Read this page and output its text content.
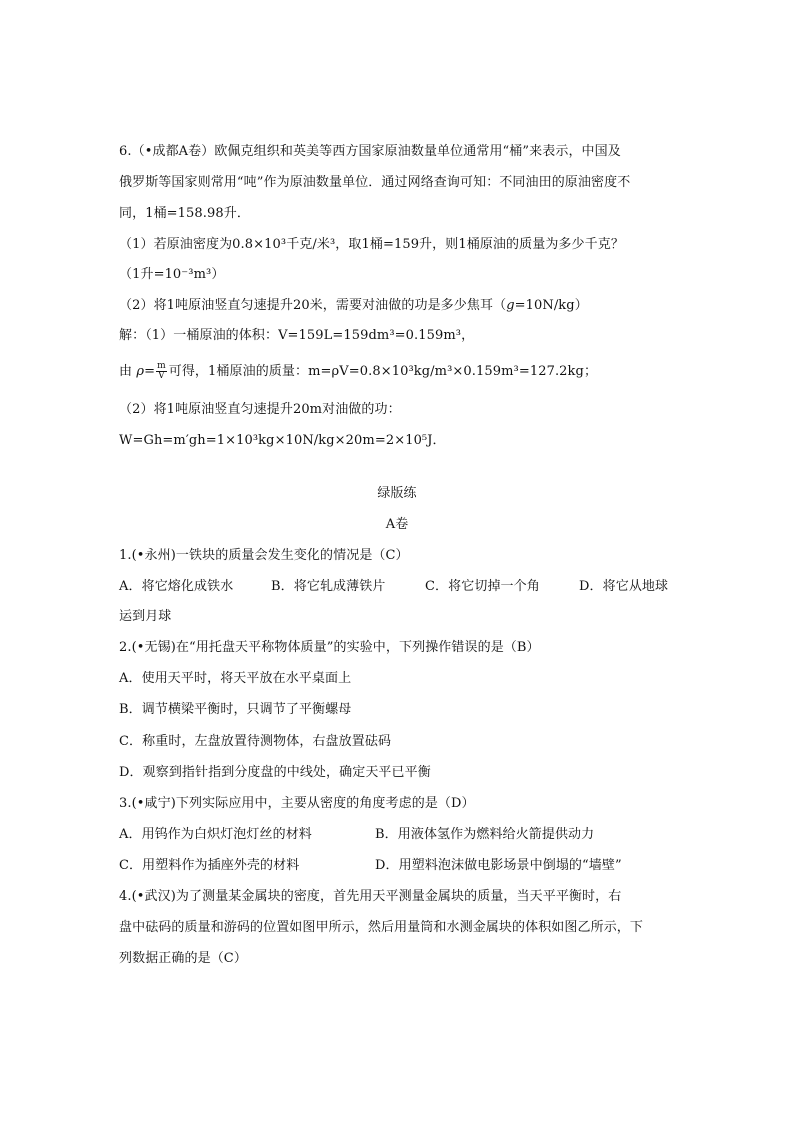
6.（•成都A卷）欧佩克组织和英美等西方国家原油数量单位通常用“桶”来表示，中国及
俄罗斯等国家则常用“吨”作为原油数量单位．通过网络查询可知：不同油田的原油密度不
同，1桶=158.98升．
（1）若原油密度为0.8×10³千克/米³，取1桶=159升，则1桶原油的质量为多少千克？
（1升=10⁻³m³）
（2）将1吨原油竖直匀速提升20米，需要对油做的功是多少焦耳（g=10N/kg）
解：（1）一桶原油的体积：V=159L=159dm³=0.159m³，
由 $\rho= \frac{m}{V}$ 可得，1桶原油的质量：m=ρV=0.8×10³kg/m³×0.159m³=127.2kg；
（2）将1吨原油竖直匀速提升20m对油做的功：
W=Gh=m′gh=1×10³kg×10N/kg×20m=2×10⁵J．
绿版练
A卷
1.(•永州)一铁块的质量会发生变化的情况是（C）
A．将它熔化成铁水	B．将它轧成薄铁片	C．将它切掉一个角	D．将它从地球
运到月球
2.(•无锡)在“用托盘天平称物体质量”的实验中，下列操作错误的是（B）
A．使用天平时，将天平放在水平桌面上
B．调节横梁平衡时，只调节了平衡螺母
C．称重时，左盘放置待测物体，右盘放置砝码
D．观察到指针指到分度盘的中线处，确定天平已平衡
3.(•咸宁)下列实际应用中，主要从密度的角度考虑的是（D）
A．用钨作为白炽灯泡灯丝的材料	B．用液体氢作为燃料给火箭提供动力
C．用塑料作为插座外壳的材料	D．用塑料泡沫做电影场景中倒塌的“墙壁”
4.(•武汉)为了测量某金属块的密度，首先用天平测量金属块的质量，当天平平衡时，右
盘中砝码的质量和游码的位置如图甲所示，然后用量筒和水测金属块的体积如图乙所示，下
列数据正确的是（C）
